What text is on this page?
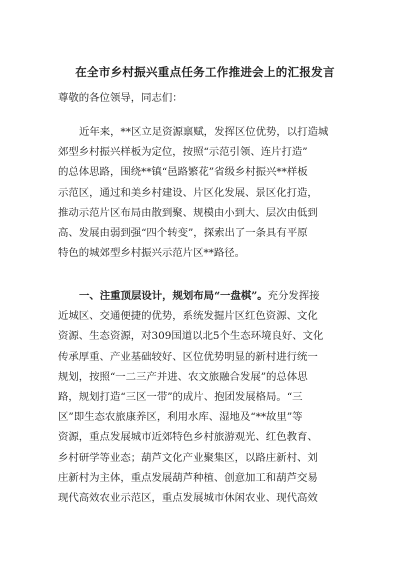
在全市乡村振兴重点任务工作推进会上的汇报发言
尊敬的各位领导，同志们：
近年来，**区立足资源禀赋，发挥区位优势，以打造城
郊型乡村振兴样板为定位，按照“示范引领、连片打造”
的总体思路，围绕**镇“邑路繁花”省级乡村振兴**样板
示范区，通过和美乡村建设、片区化发展、景区化打造，
推动示范片区布局由散到聚、规模由小到大、层次由低到
高、发展由弱到强“四个转变”，探索出了一条具有平原
特色的城郊型乡村振兴示范片区**路径。
一、注重顶层设计，规划布局“一盘棋”。充分发挥接
近城区、交通便捷的优势，系统发掘片区红色资源、文化
资源、生态资源，对309国道以北5个生态环境良好、文化
传承厚重、产业基础较好、区位优势明显的新村进行统一
规划，按照“一二三产并进、农文旅融合发展”的总体思
路，规划打造“三区一带”的成片、抱团发展格局。“三
区”即生态农旅康养区，利用水库、湿地及“**故里”等
资源，重点发展城市近郊特色乡村旅游观光、红色教育、
乡村研学等业态；葫芦文化产业聚集区，以路庄新村、刘
庄新村为主体，重点发展葫芦种植、创意加工和葫芦交易
现代高效农业示范区，重点发展城市休闲农业、现代高效
